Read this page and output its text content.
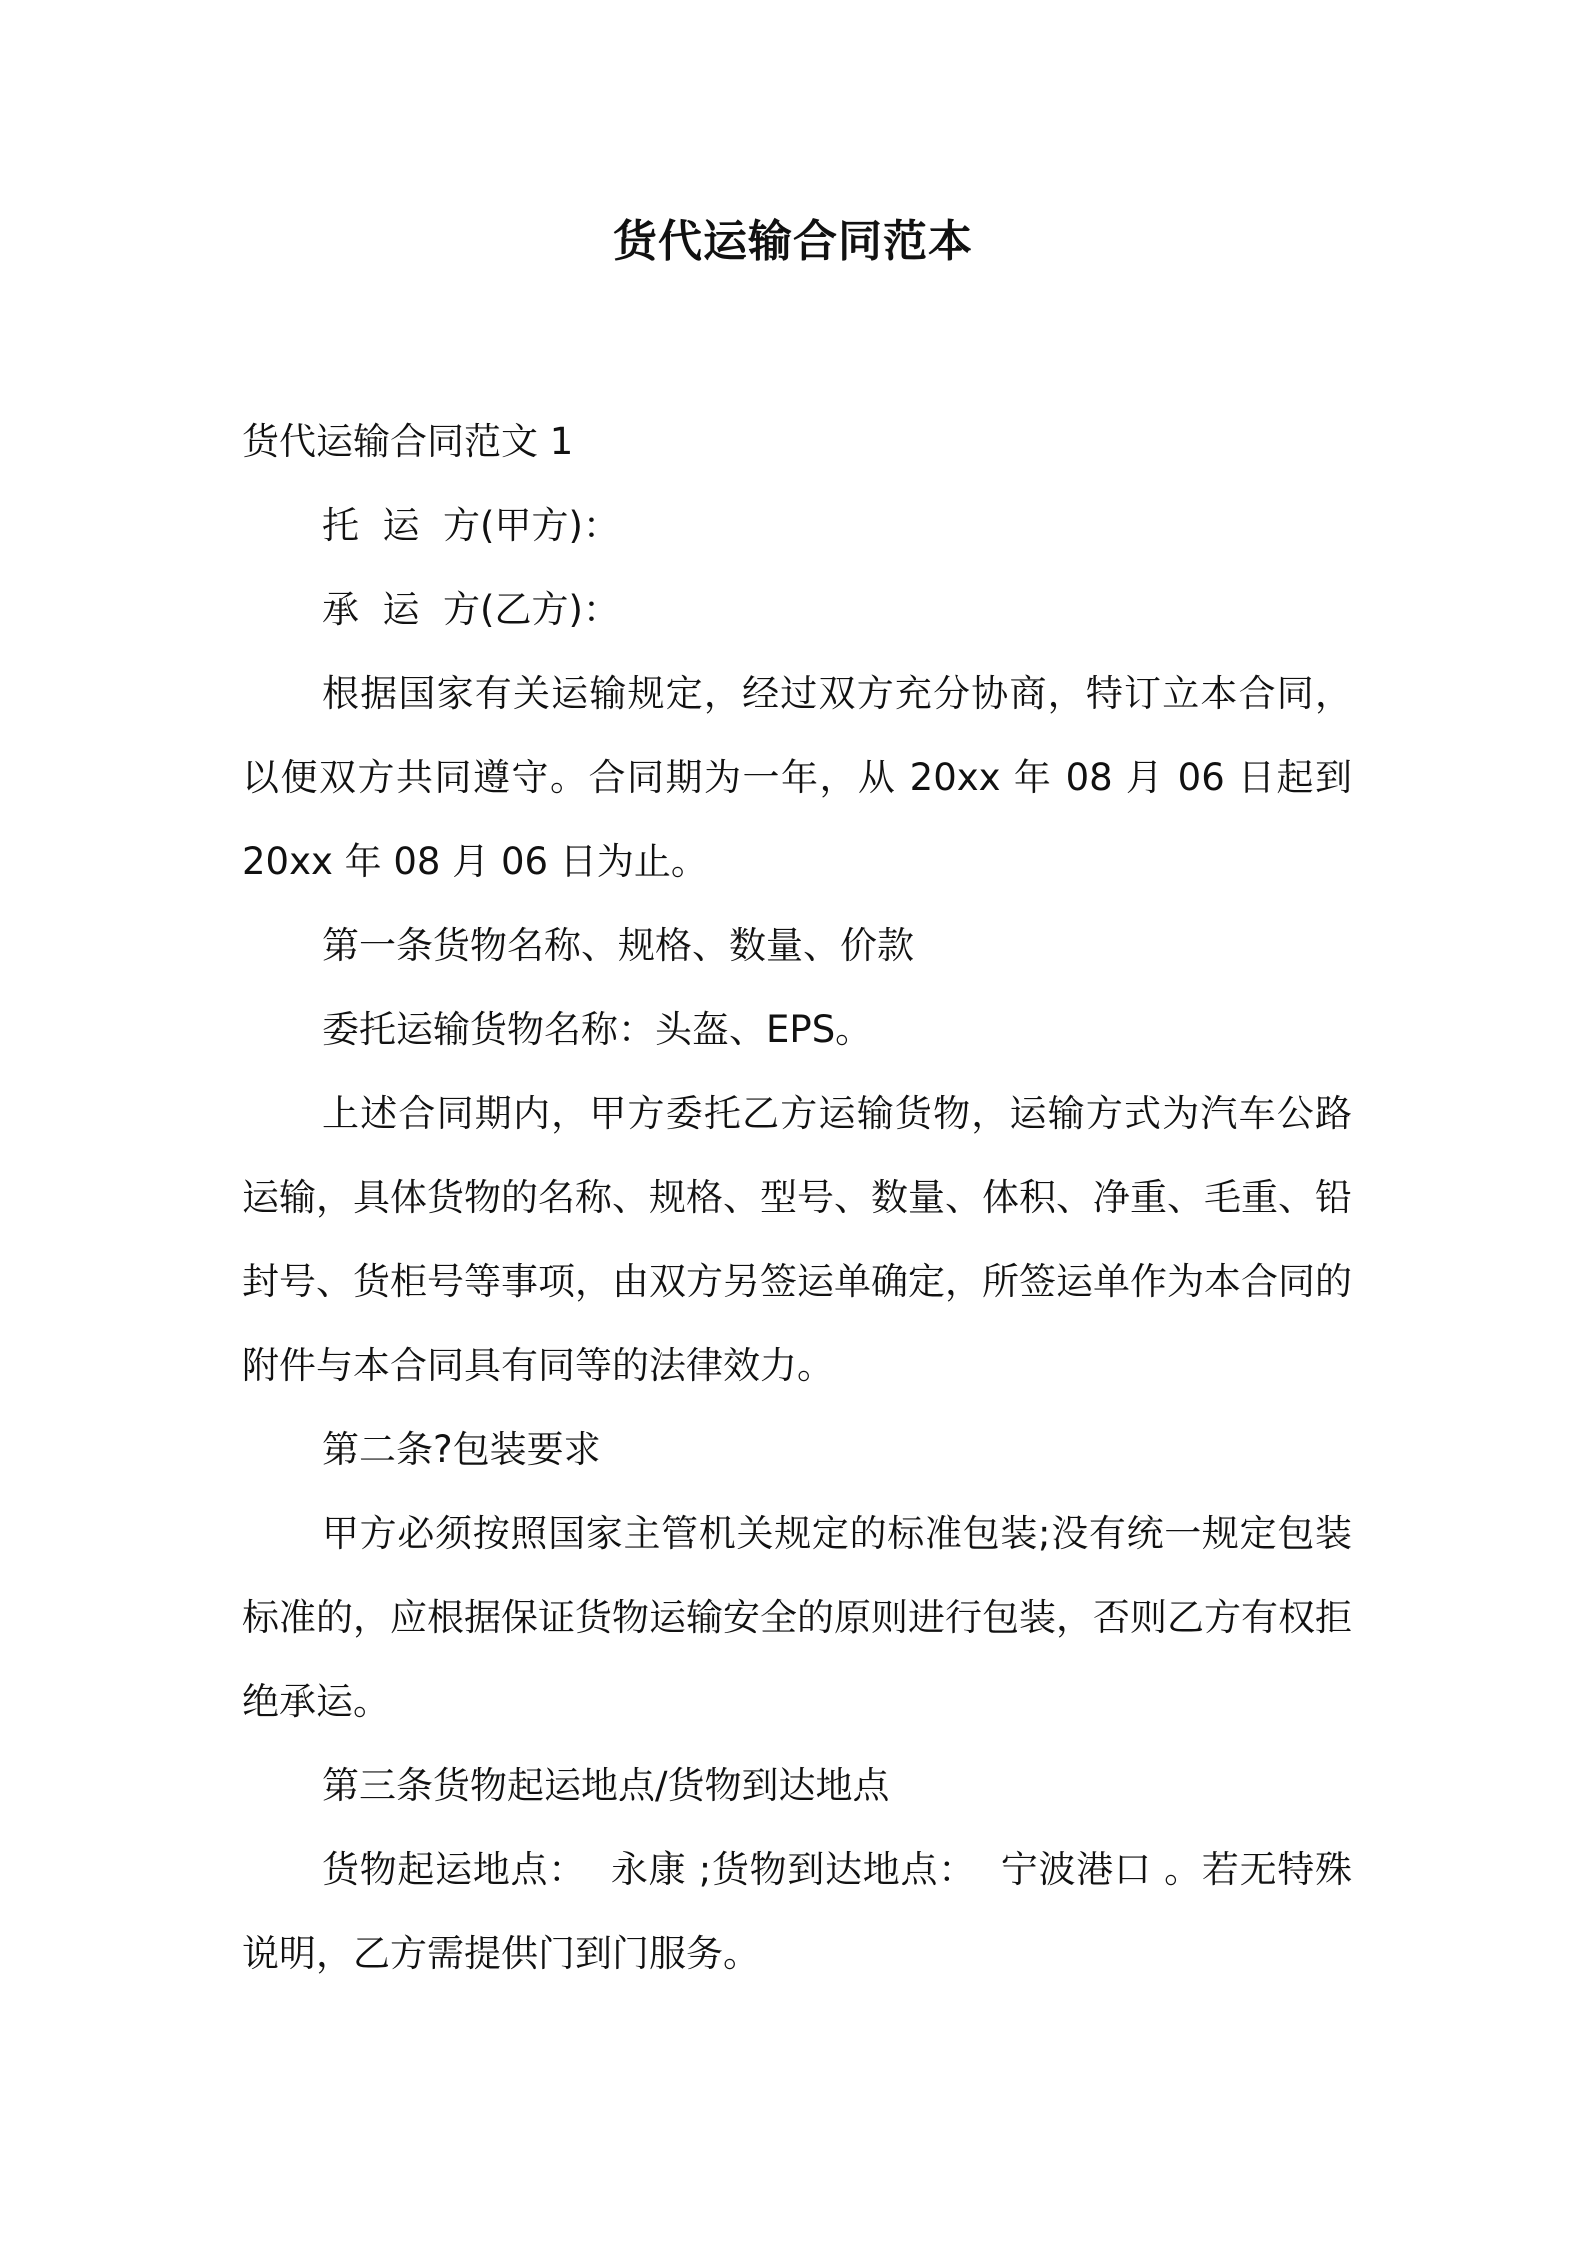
货代运输合同范本

货代运输合同范文 1

托  运  方(甲方)：

承  运  方(乙方)：

根据国家有关运输规定，经过双方充分协商，特订立本合同，以便双方共同遵守。合同期为一年，从 20xx 年 08 月 06 日起到 20xx 年 08 月 06 日为止。

第一条货物名称、规格、数量、价款

委托运输货物名称：头盔、EPS。

上述合同期内，甲方委托乙方运输货物，运输方式为汽车公路运输，具体货物的名称、规格、型号、数量、体积、净重、毛重、铅封号、货柜号等事项，由双方另签运单确定，所签运单作为本合同的附件与本合同具有同等的法律效力。

第二条?包装要求

甲方必须按照国家主管机关规定的标准包装;没有统一规定包装标准的，应根据保证货物运输安全的原则进行包装，否则乙方有权拒绝承运。

第三条货物起运地点/货物到达地点

货物起运地点：  永康 ;货物到达地点：  宁波港口 。若无特殊说明，乙方需提供门到门服务。
